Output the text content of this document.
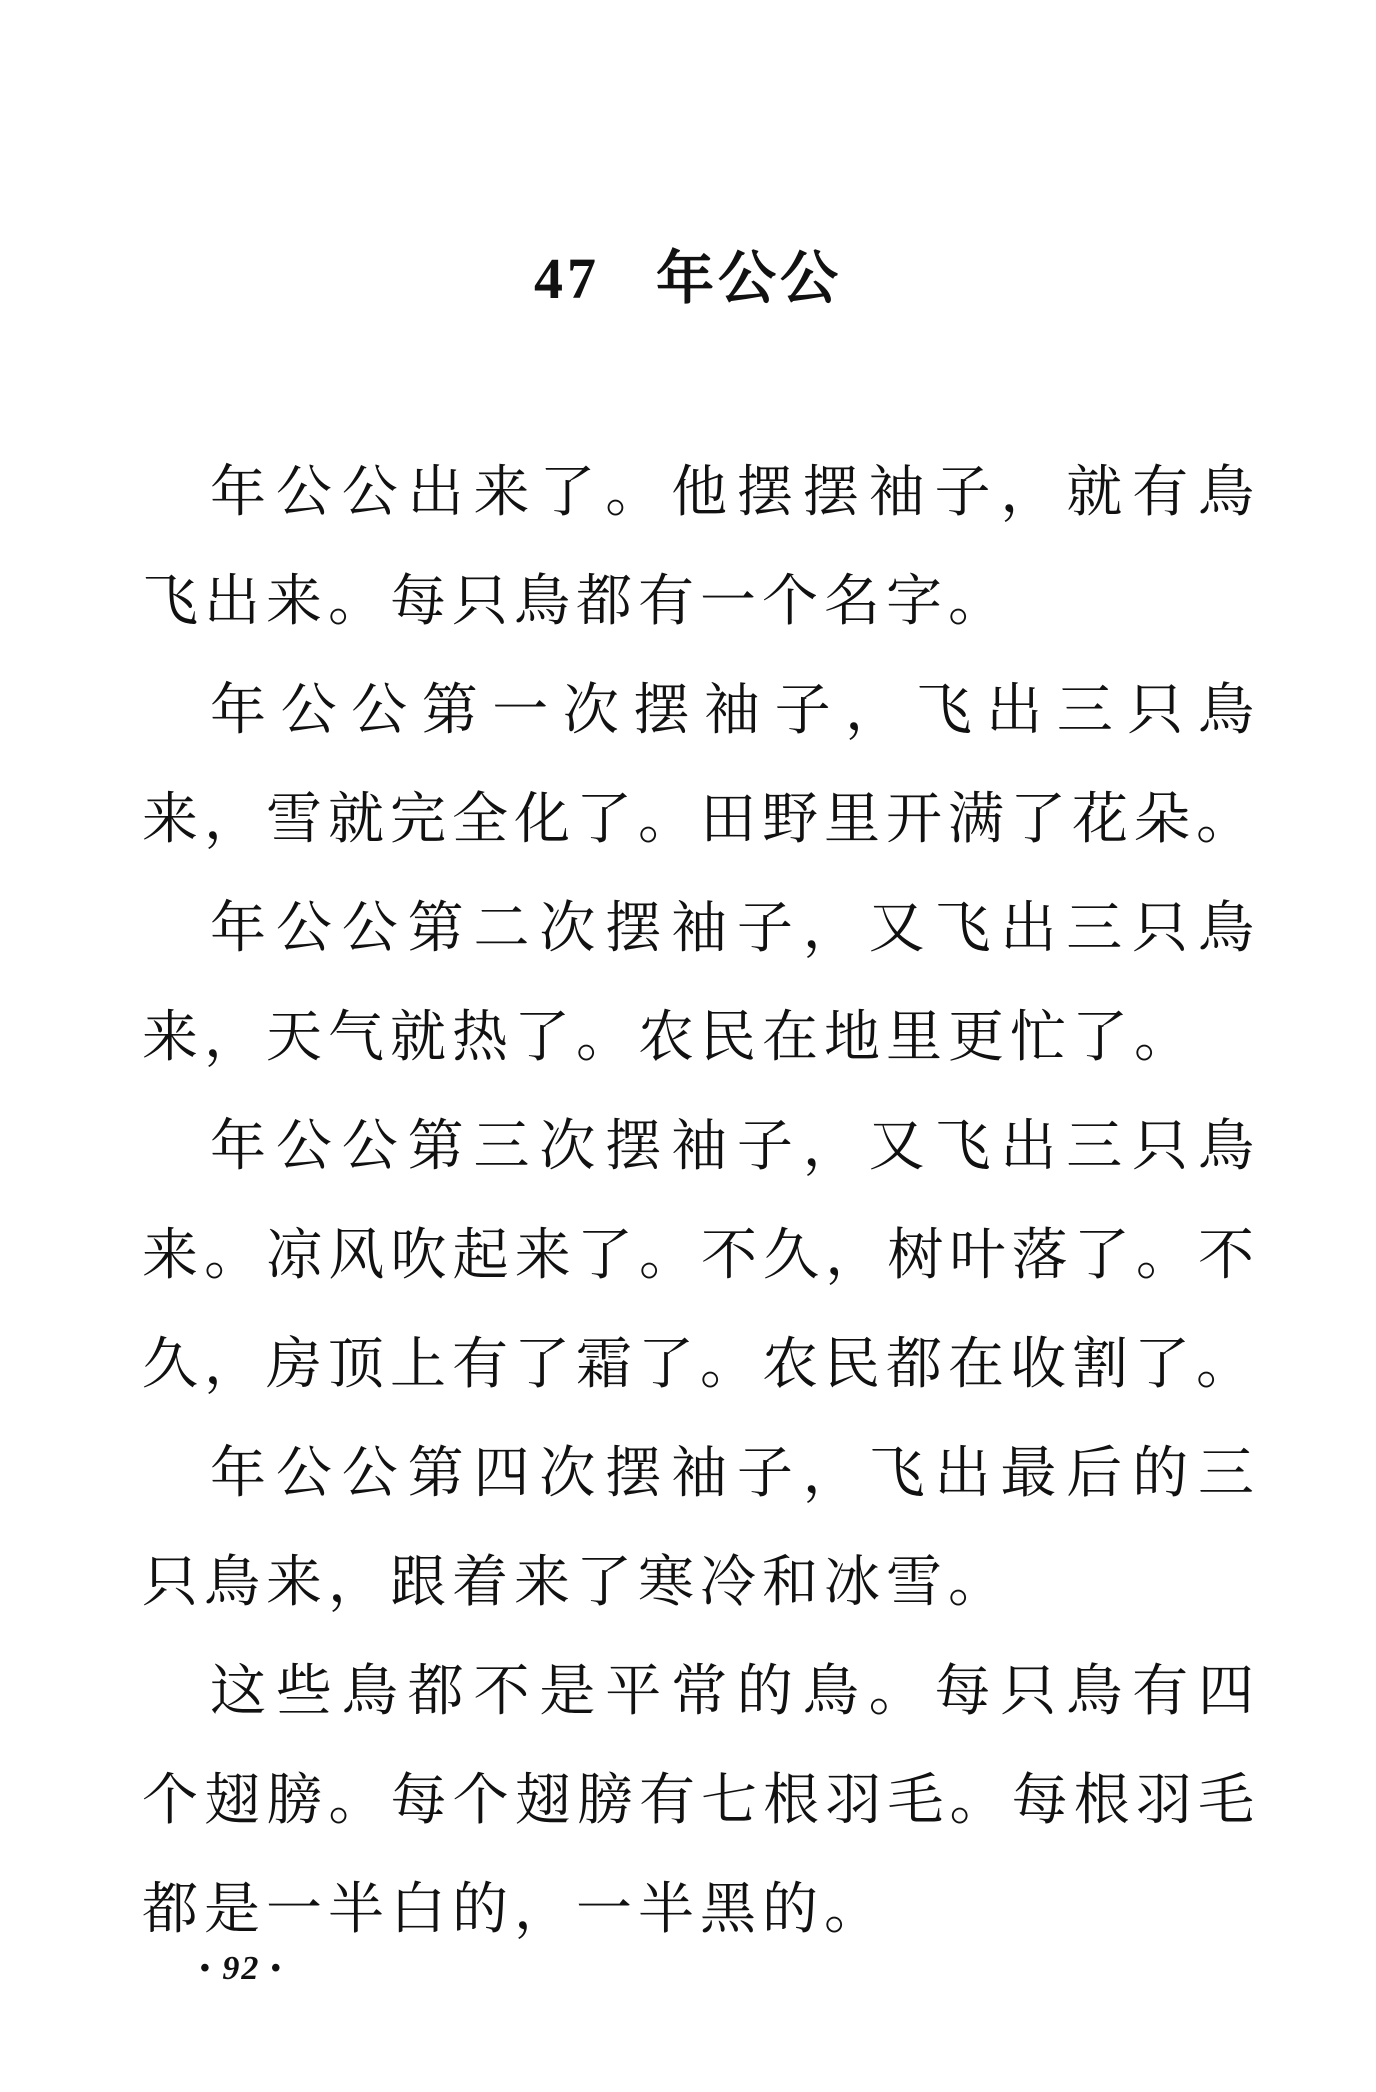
47 年公公

年公公出来了。他摆摆袖子，就有鳥飞出来。每只鳥都有一个名字。

年公公第一次摆袖子，飞出三只鳥来，雪就完全化了。田野里开满了花朵。

年公公第二次摆袖子，又飞出三只鳥来，天气就热了。农民在地里更忙了。

年公公第三次摆袖子，又飞出三只鳥来。凉风吹起来了。不久，树叶落了。不久，房顶上有了霜了。农民都在收割了。

年公公第四次摆袖子，飞出最后的三只鳥来，跟着来了寒冷和冰雪。

这些鳥都不是平常的鳥。每只鳥有四个翅膀。每个翅膀有七根羽毛。每根羽毛都是一半白的，一半黑的。

• 92 •
